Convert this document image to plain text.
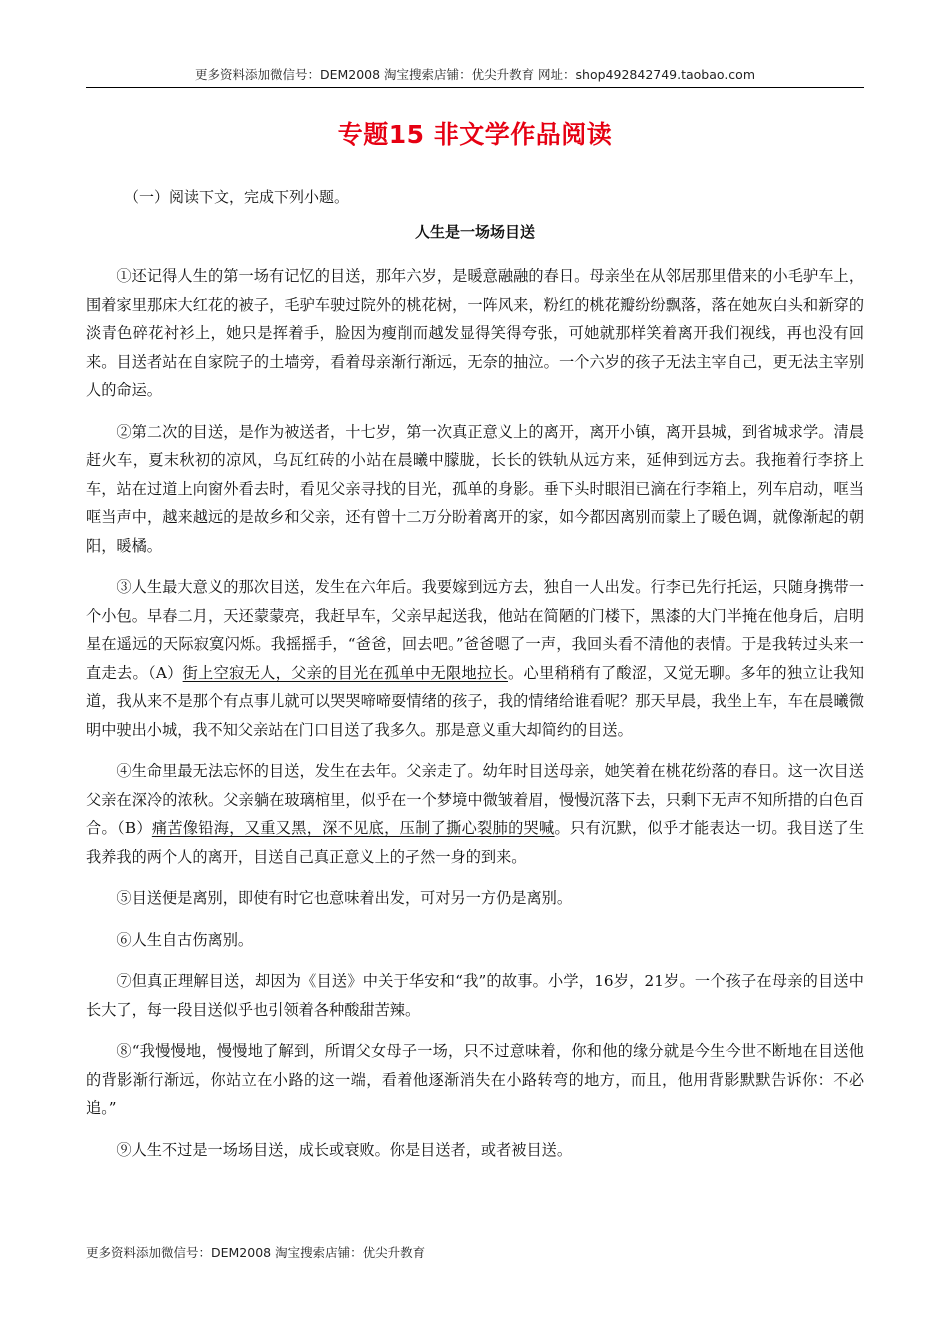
更多资料添加微信号：DEM2008 淘宝搜索店铺：优尖升教育 网址：shop492842749.taobao.com
专题15 非文学作品阅读
（一）阅读下文，完成下列小题。
人生是一场场目送

①还记得人生的第一场有记忆的目送，那年六岁，是暖意融融的春日。母亲坐在从邻居那里借来的小毛驴车上，围着家里那床大红花的被子，毛驴车驶过院外的桃花树，一阵风来，粉红的桃花瓣纷纷飘落，落在她灰白头和新穿的淡青色碎花衬衫上，她只是挥着手，脸因为瘦削而越发显得笑得夸张，可她就那样笑着离开我们视线，再也没有回来。目送者站在自家院子的土墙旁，看着母亲渐行渐远，无奈的抽泣。一个六岁的孩子无法主宰自己，更无法主宰别人的命运。

②第二次的目送，是作为被送者，十七岁，第一次真正意义上的离开，离开小镇，离开县城，到省城求学。清晨赶火车，夏末秋初的凉风，乌瓦红砖的小站在晨曦中朦胧，长长的铁轨从远方来，延伸到远方去。我拖着行李挤上车，站在过道上向窗外看去时，看见父亲寻找的目光，孤单的身影。垂下头时眼泪已滴在行李箱上，列车启动，哐当哐当声中，越来越远的是故乡和父亲，还有曾十二万分盼着离开的家，如今都因离别而蒙上了暖色调，就像渐起的朝阳，暖橘。

③人生最大意义的那次目送，发生在六年后。我要嫁到远方去，独自一人出发。行李已先行托运，只随身携带一个小包。早春二月，天还蒙蒙亮，我赶早车，父亲早起送我，他站在简陋的门楼下，黑漆的大门半掩在他身后，启明星在遥远的天际寂寞闪烁。我摇摇手，“爸爸，回去吧。”爸爸嗯了一声，我回头看不清他的表情。于是我转过头来一直走去。（A）街上空寂无人，父亲的目光在孤单中无限地拉长。心里稍稍有了酸涩，又觉无聊。多年的独立让我知道，我从来不是那个有点事儿就可以哭哭啼啼耍情绪的孩子，我的情绪给谁看呢？那天早晨，我坐上车，车在晨曦微明中驶出小城，我不知父亲站在门口目送了我多久。那是意义重大却简约的目送。

④生命里最无法忘怀的目送，发生在去年。父亲走了。幼年时目送母亲，她笑着在桃花纷落的春日。这一次目送父亲在深冷的浓秋。父亲躺在玻璃棺里，似乎在一个梦境中微皱着眉，慢慢沉落下去，只剩下无声不知所措的白色百合。（B）痛苦像铅海，又重又黑，深不见底，压制了撕心裂肺的哭喊。只有沉默，似乎才能表达一切。我目送了生我养我的两个人的离开，目送自己真正意义上的孑然一身的到来。

⑤目送便是离别，即使有时它也意味着出发，可对另一方仍是离别。

⑥人生自古伤离别。

⑦但真正理解目送，却因为《目送》中关于华安和“我”的故事。小学，16岁，21岁。一个孩子在母亲的目送中长大了，每一段目送似乎也引领着各种酸甜苦辣。

⑧“我慢慢地，慢慢地了解到，所谓父女母子一场，只不过意味着，你和他的缘分就是今生今世不断地在目送他的背影渐行渐远，你站立在小路的这一端，看着他逐渐消失在小路转弯的地方，而且，他用背影默默告诉你：不必追。”

⑨人生不过是一场场目送，成长或衰败。你是目送者，或者被目送。

更多资料添加微信号：DEM2008 淘宝搜索店铺：优尖升教育
